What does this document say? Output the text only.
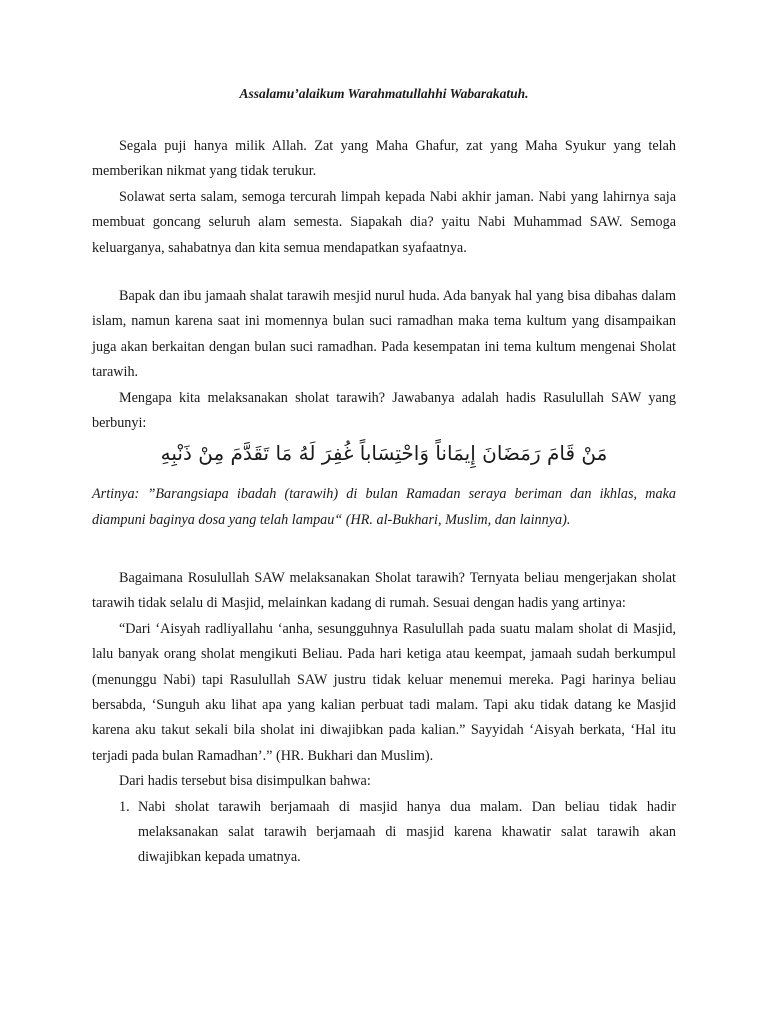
Assalamu’alaikum Warahmatullahhi Wabarakatuh.

Segala puji hanya milik Allah. Zat yang Maha Ghafur, zat yang Maha Syukur yang telah memberikan nikmat yang tidak terukur.

Solawat serta salam, semoga tercurah limpah kepada Nabi akhir jaman. Nabi yang lahirnya saja membuat goncang seluruh alam semesta. Siapakah dia? yaitu Nabi Muhammad SAW. Semoga keluarganya, sahabatnya dan kita semua mendapatkan syafaatnya.

Bapak dan ibu jamaah shalat tarawih mesjid nurul huda. Ada banyak hal yang bisa dibahas dalam islam, namun karena saat ini momennya bulan suci ramadhan maka tema kultum yang disampaikan juga akan berkaitan dengan bulan suci ramadhan. Pada kesempatan ini tema kultum mengenai Sholat tarawih.

Mengapa kita melaksanakan sholat tarawih? Jawabanya adalah hadis Rasulullah SAW yang berbunyi:

مَنْ قَامَ رَمَضَانَ إِيمَاناً وَاحْتِسَاباً غُفِرَ لَهُ مَا تَقَدَّمَ مِنْ ذَنْبِهِ

Artinya: ”Barangsiapa ibadah (tarawih) di bulan Ramadan seraya beriman dan ikhlas, maka diampuni baginya dosa yang telah lampau“ (HR. al-Bukhari, Muslim, dan lainnya).

Bagaimana Rosulullah SAW melaksanakan Sholat tarawih? Ternyata beliau mengerjakan sholat tarawih tidak selalu di Masjid, melainkan kadang di rumah. Sesuai dengan hadis yang artinya:

“Dari ‘Aisyah radliyallahu ‘anha, sesungguhnya Rasulullah pada suatu malam sholat di Masjid, lalu banyak orang sholat mengikuti Beliau. Pada hari ketiga atau keempat, jamaah sudah berkumpul (menunggu Nabi) tapi Rasulullah SAW justru tidak keluar menemui mereka. Pagi harinya beliau bersabda, ‘Sunguh aku lihat apa yang kalian perbuat tadi malam. Tapi aku tidak datang ke Masjid karena aku takut sekali bila sholat ini diwajibkan pada kalian.” Sayyidah ‘Aisyah berkata, ‘Hal itu terjadi pada bulan Ramadhan’.” (HR. Bukhari dan Muslim).

Dari hadis tersebut bisa disimpulkan bahwa:

1. Nabi sholat tarawih berjamaah di masjid hanya dua malam. Dan beliau tidak hadir melaksanakan salat tarawih berjamaah di masjid karena khawatir salat tarawih akan diwajibkan kepada umatnya.
